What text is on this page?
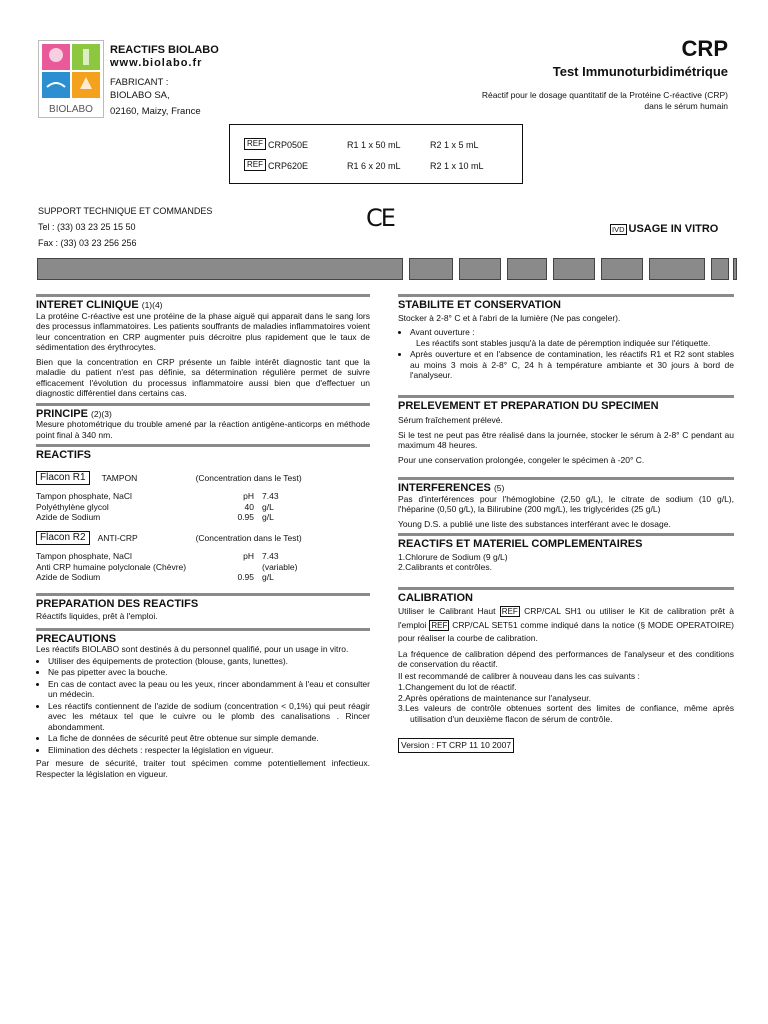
BIOLABO
REACTIFS BIOLABO
www.biolabo.fr
FABRICANT :
BIOLABO SA,
02160, Maizy, France
CRP
Test Immunoturbidimétrique
Réactif pour le dosage quantitatif de la Protéine C-réactive (CRP)
dans le sérum humain
REF CRP050E	R1 1 x 50 mL	R2 1 x 5 mL
REF CRP620E	R1 6 x 20 mL	R2 1 x 10 mL
SUPPORT TECHNIQUE ET COMMANDES
Tel : (33) 03 23 25 15 50
Fax : (33) 03 23 256 256
CE	IVD USAGE IN VITRO
INTERET CLINIQUE (1)(4)

La protéine C-réactive est une protéine de la phase aiguë qui apparait dans le sang lors des processus inflammatoires. Les patients souffrants de maladies inflammatoires voient leur concentration en CRP augmenter puis décroitre plus rapidement que le taux de sédimentation des érythrocytes.

Bien que la concentration en CRP présente un faible intérêt diagnostic tant que la maladie du patient n'est pas définie, sa détermination régulière permet de suivre efficacement l'évolution du processus inflammatoire aussi bien que d'effectuer un diagnostic différentiel dans certains cas.

PRINCIPE (2)(3)

Mesure photométrique du trouble amené par la réaction antigène-anticorps en méthode point final à 340 nm.

REACTIFS
Flacon R1	TAMPON	(Concentration dans le Test)
Tampon phosphate, NaCl	pH 7.43
Polyéthylène glycol	40 g/L
Azide de Sodium	0.95 g/L
Flacon R2	ANTI-CRP	(Concentration dans le Test)
Tampon phosphate, NaCl	pH 7.43
Anti CRP humaine polyclonale (Chèvre)	(variable)
Azide de Sodium	0.95 g/L
PREPARATION DES REACTIFS

Réactifs liquides, prêt à l'emploi.

PRECAUTIONS

Les réactifs BIOLABO sont destinés à du personnel qualifié, pour un usage in vitro.

• Utiliser des équipements de protection (blouse, gants, lunettes).
• Ne pas pipetter avec la bouche.
• En cas de contact avec la peau ou les yeux, rincer abondamment à l'eau et consulter un médecin.
• Les réactifs contiennent de l'azide de sodium (concentration < 0,1%) qui peut réagir avec les métaux tel que le cuivre ou le plomb des canalisations . Rincer abondamment.
• La fiche de données de sécurité peut être obtenue sur simple demande.
• Elimination des déchets : respecter la législation en vigueur.

Par mesure de sécurité, traiter tout spécimen comme potentiellement infectieux. Respecter la législation en vigueur.

STABILITE ET CONSERVATION

Stocker à 2-8° C et à l'abri de la lumière (Ne pas congeler).

• Avant ouverture :
Les réactifs sont stables jusqu'à la date de péremption indiquée sur l'étiquette.
• Après ouverture et en l'absence de contamination, les réactifs R1 et R2 sont stables au moins 3 mois à 2-8° C, 24 h à température ambiante et 30 jours à bord de l'analyseur.
PRELEVEMENT ET PREPARATION DU SPECIMEN

Sérum fraîchement prélevé.

Si le test ne peut pas être réalisé dans la journée, stocker le sérum à 2-8° C pendant au maximum 48 heures.

Pour une conservation prolongée, congeler le spécimen à -20° C.

INTERFERENCES (5)

Pas d'interférences pour l'hémoglobine (2,50 g/L), le citrate de sodium (10 g/L), l'héparine (0,50 g/L), la Bilirubine (200 mg/L), les triglycérides (25 g/L)

Young D.S. a publié une liste des substances interférant avec le dosage.

REACTIFS ET MATERIEL COMPLEMENTAIRES
1.Chlorure de Sodium (9 g/L)
2.Calibrants et contrôles.
CALIBRATION

Utiliser le Calibrant Haut REF CRP/CAL SH1 ou utiliser le Kit de calibration prêt à l'emploi REF CRP/CAL SET51 comme indiqué dans la notice (§ MODE OPERATOIRE) pour réaliser la courbe de calibration.

La fréquence de calibration dépend des performances de l'analyseur et des conditions de conservation du réactif.

Il est recommandé de calibrer à nouveau dans les cas suivants :

1.Changement du lot de réactif.
2.Après opérations de maintenance sur l'analyseur.
3.Les valeurs de contrôle obtenues sortent des limites de confiance, même après utilisation d'un deuxième flacon de sérum de contrôle.
Version : FT CRP 11 10 2007
